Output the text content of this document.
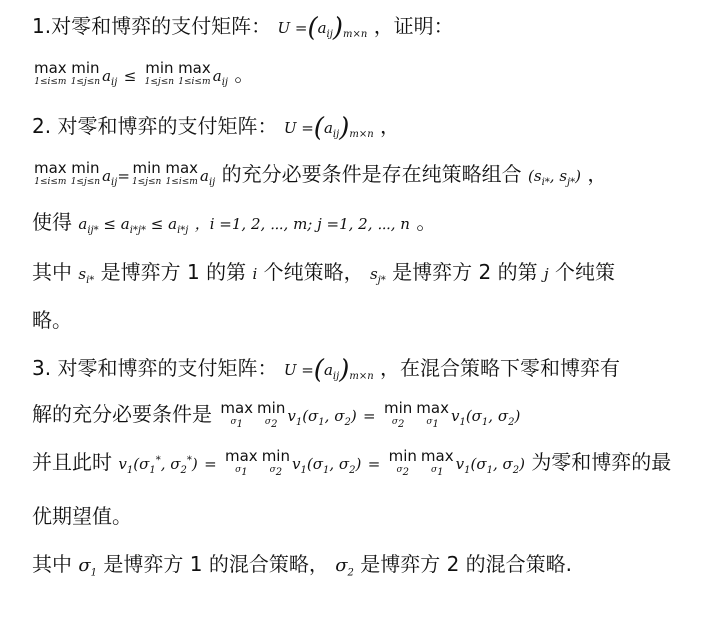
1.对零和博弈的支付矩阵： $U =(a_{ij})_{m\times n}$ ，证明：
max
1≤i≤m
min
1≤j≤n $a_{ij} \le \min$
1≤j≤n
max
1≤i≤m $a_{ij}$ 。
2. 对零和博弈的支付矩阵： $U =(a_{ij})_{m\times n}$ ，
max
1≤i≤m
min
1≤j≤n $a_{ij}= \min$
1≤j≤n
max
1≤i≤m $a_{ij}$ 的充分必要条件是存在纯策略组合 ($s_{i*}$, $s_{j*}$) ，
使得 $a_{ij*} \le a_{i*j*} \le a_{i*j}$ ，i =1, 2, ⋯, m; j =1, 2, ⋯, n 。
其中 $s_{i*}$ 是博弈方 1 的第 i 个纯策略， $s_{j*}$ 是博弈方 2 的第 j 个纯策
略。
3. 对零和博弈的支付矩阵： $U =(a_{ij})_{m\times n}$ ，在混合策略下零和博弈有
解的充分必要条件是 max
$\sigma_1$
min
$\sigma_2$ $v_1(\sigma_1$, $\sigma_2) = \min$
$\sigma_2$
max
$\sigma_1$ $v_1(\sigma_1$, $\sigma_2$)
并且此时 $v_1(\sigma_1^*$, $\sigma_2^*) = \max$
$\sigma_1$
min
$\sigma_2$ $v_1(\sigma_1$, $\sigma_2) = \min$
$\sigma_2$
max
$\sigma_1$ $v_1(\sigma_1$, $\sigma_2$) 为零和博弈的最
优期望值。
其中 $\sigma_1$ 是博弈方 1 的混合策略， $\sigma_2$ 是博弈方 2 的混合策略.
